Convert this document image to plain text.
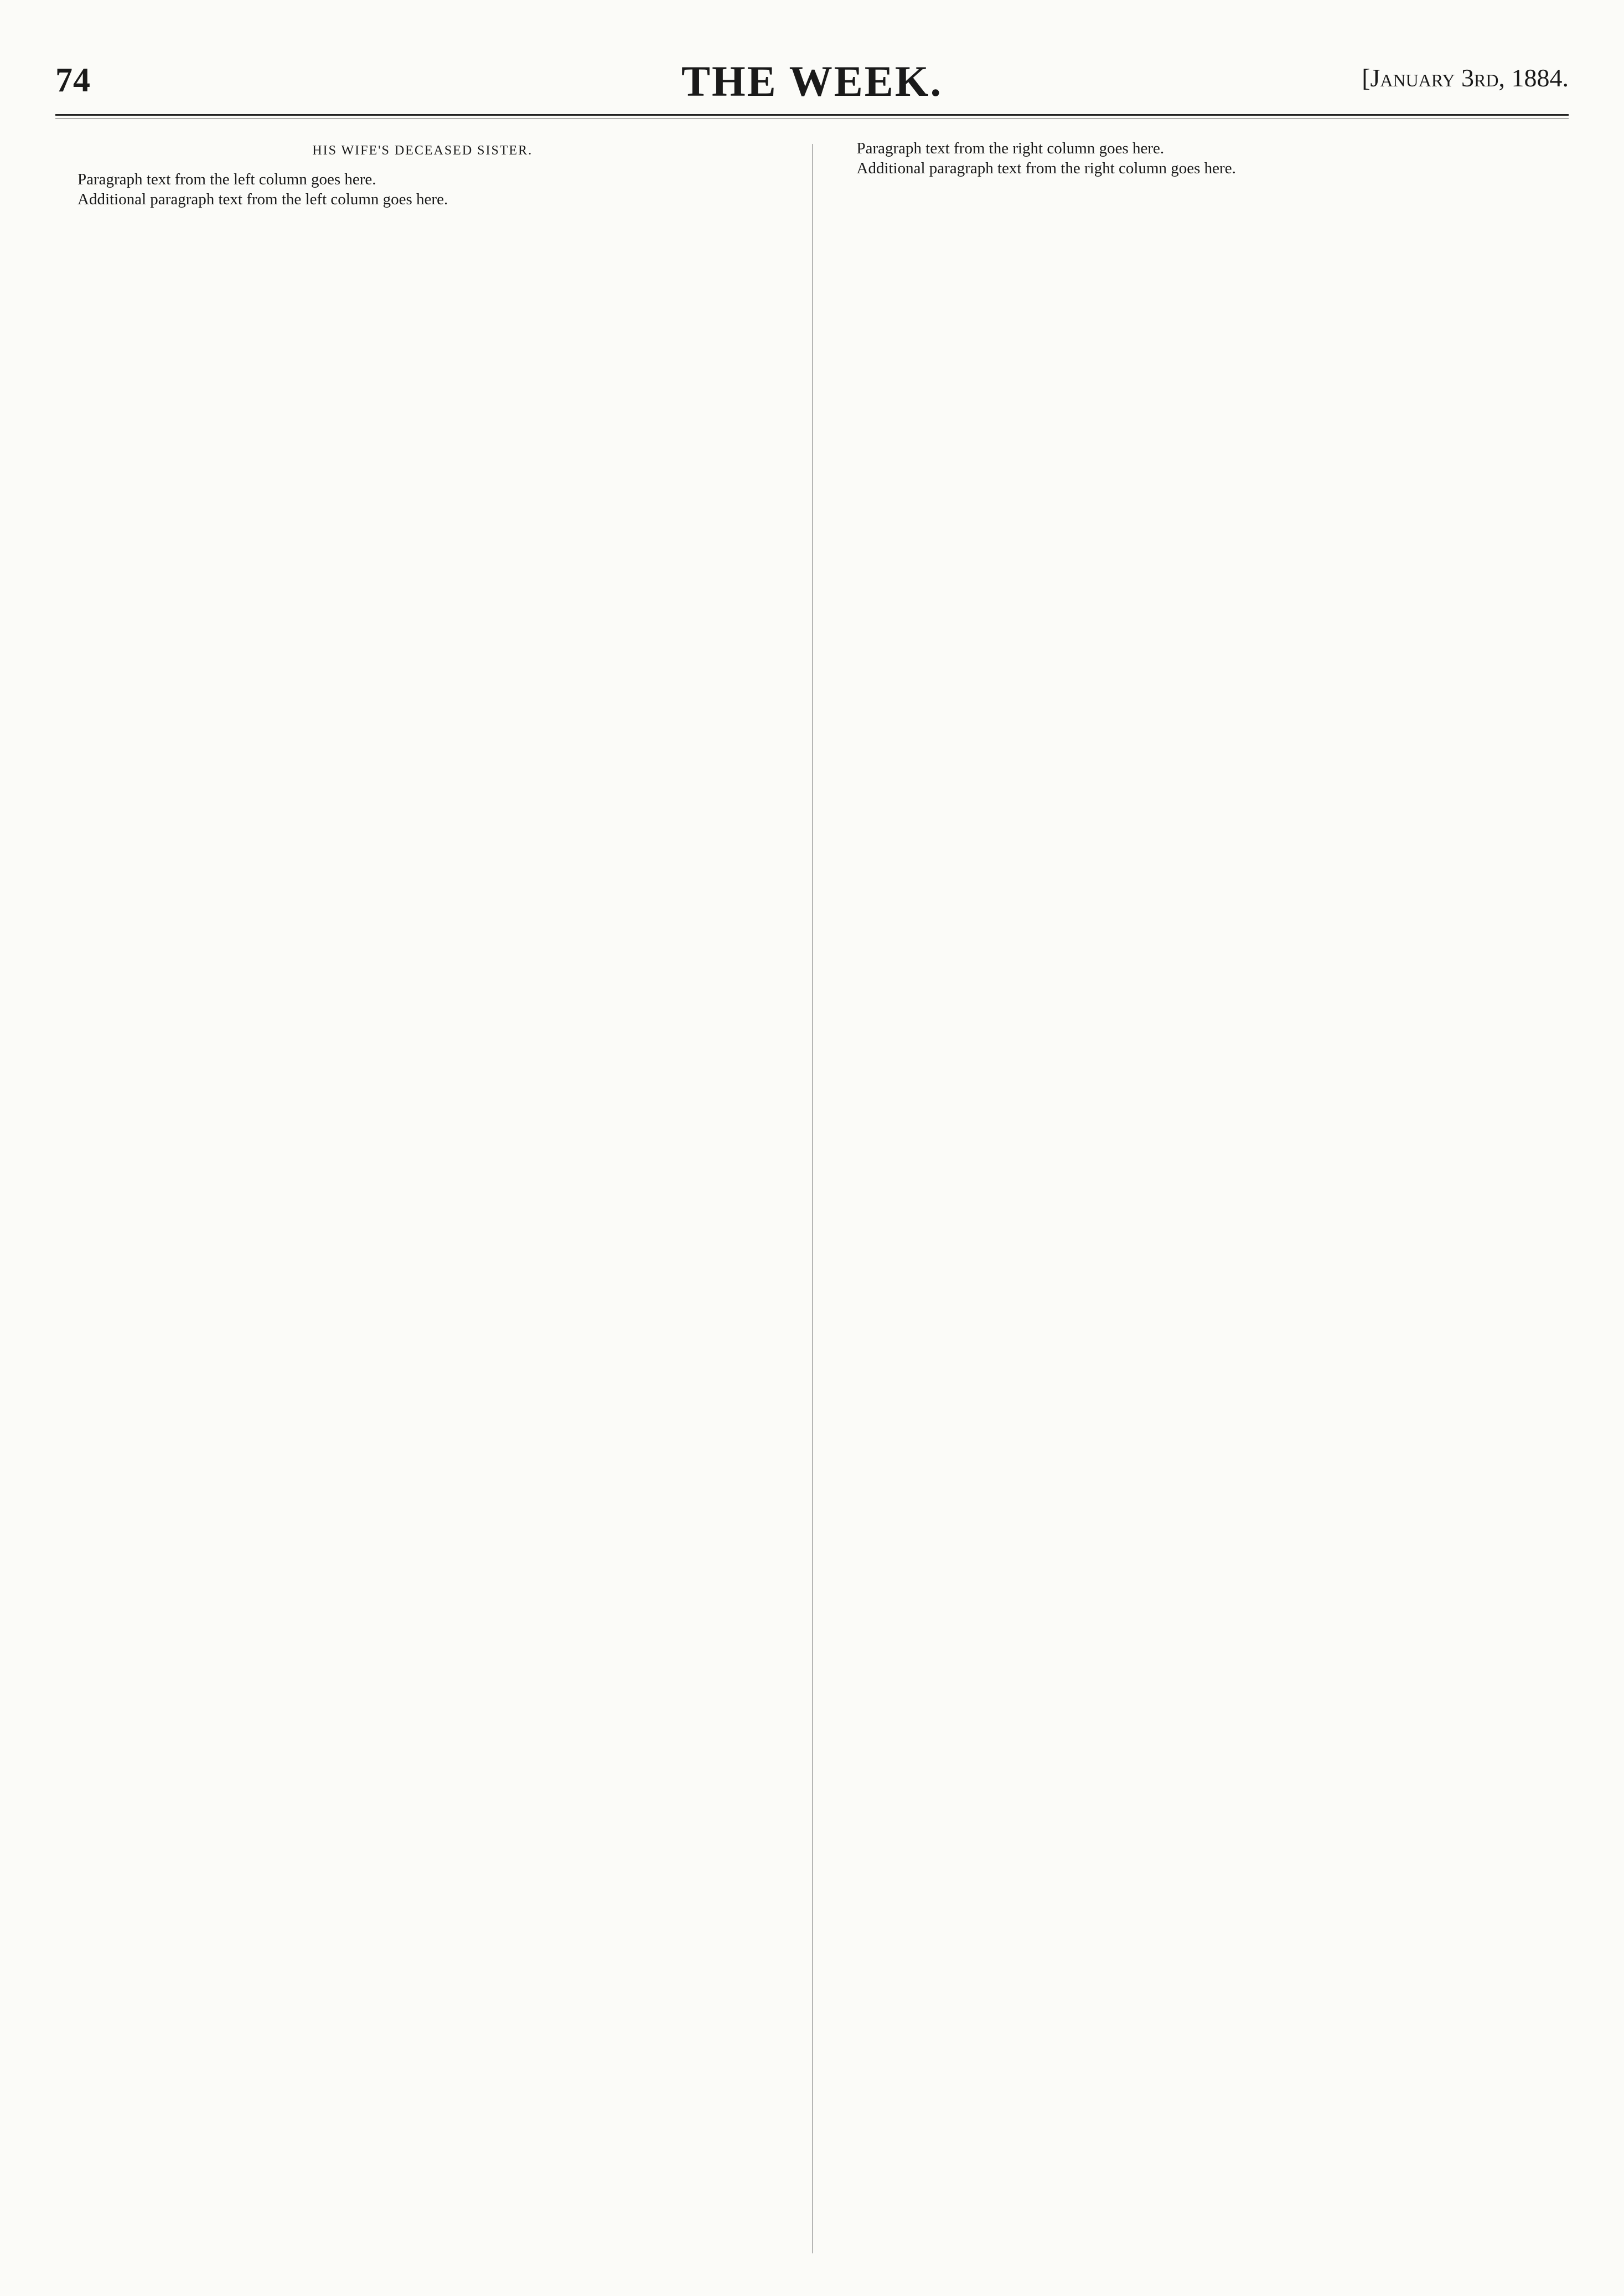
74	THE WEEK.	[January 3rd, 1884.
HIS WIFE'S DECEASED SISTER.

Paragraph text from the left column goes here.

Additional paragraph text from the left column goes here.

Paragraph text from the right column goes here.

Additional paragraph text from the right column goes here.
